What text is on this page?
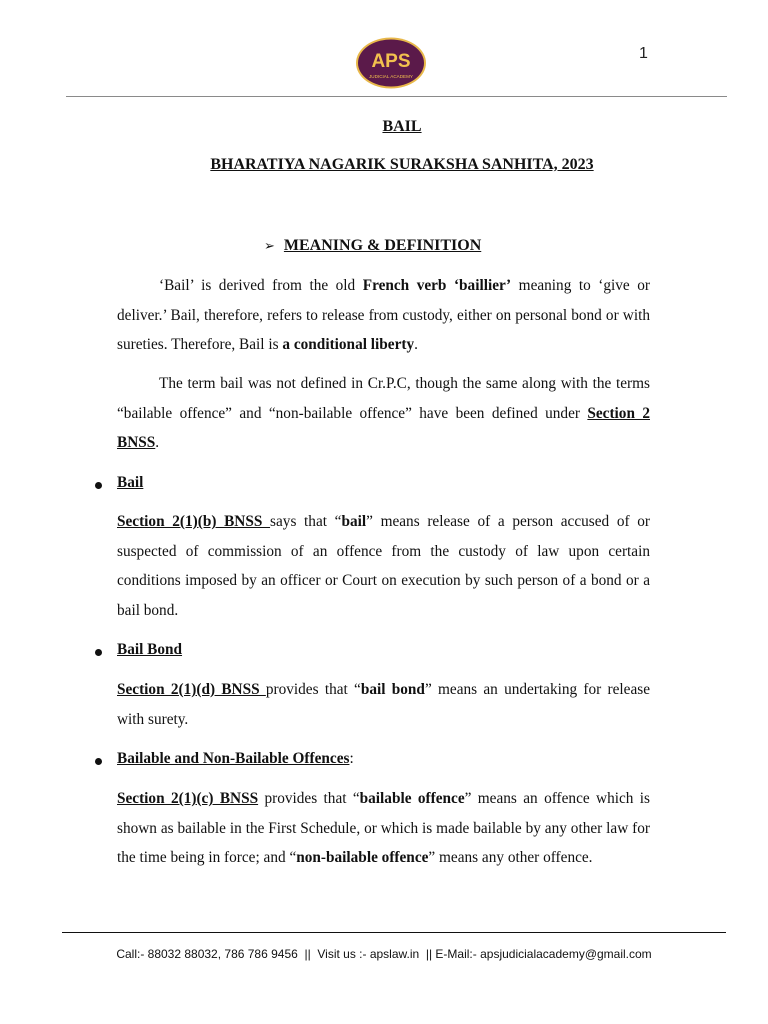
APS
JUDICIAL ACADEMY
1
BAIL
BHARATIYA NAGARIK SURAKSHA SANHITA, 2023
➢ MEANING & DEFINITION

‘Bail’ is derived from the old French verb ‘baillier’ meaning to ‘give or deliver.’ Bail, therefore, refers to release from custody, either on personal bond or with sureties. Therefore, Bail is a conditional liberty.

The term bail was not defined in Cr.P.C, though the same along with the terms “bailable offence” and “non-bailable offence” have been defined under Section 2 BNSS.

Bail

Section 2(1)(b) BNSS says that “bail” means release of a person accused of or suspected of commission of an offence from the custody of law upon certain conditions imposed by an officer or Court on execution by such person of a bond or a bail bond.

Bail Bond

Section 2(1)(d) BNSS provides that “bail bond” means an undertaking for release with surety.

Bailable and Non-Bailable Offences:

Section 2(1)(c) BNSS provides that “bailable offence” means an offence which is shown as bailable in the First Schedule, or which is made bailable by any other law for the time being in force; and “non-bailable offence” means any other offence.

Call:- 88032 88032, 786 786 9456  ||  Visit us :- apslaw.in  || E-Mail:- apsjudicialacademy@gmail.com
